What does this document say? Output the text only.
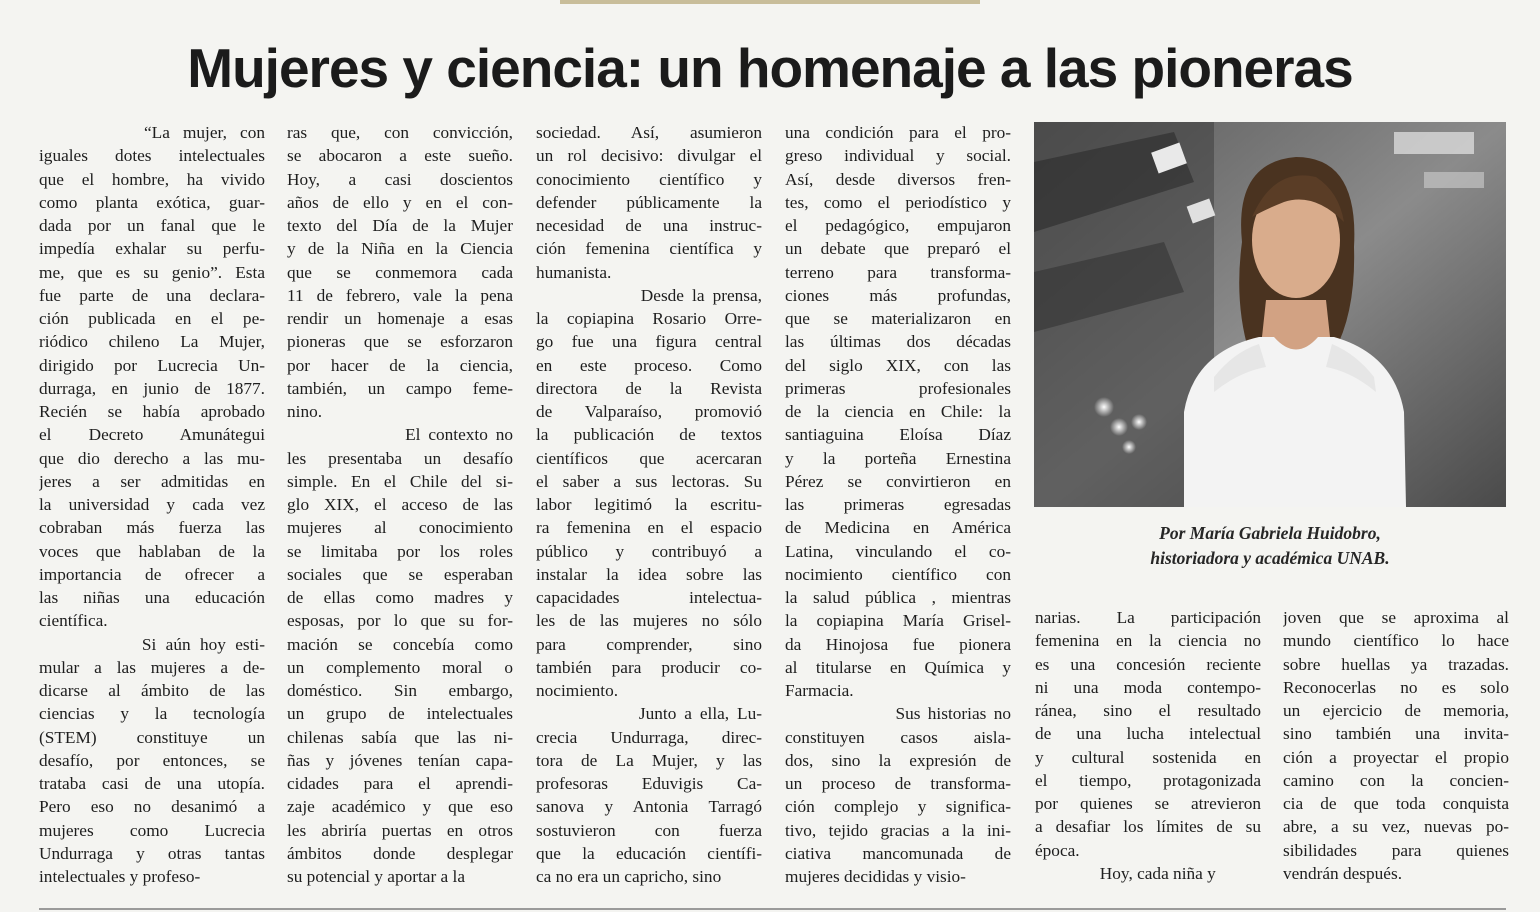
Mujeres y ciencia: un homenaje a las pioneras
“La mujer, con
iguales dotes intelectuales
que el hombre, ha vivido
como planta exótica, guar-
dada por un fanal que le
impedía exhalar su perfu-
me, que es su genio”. Esta
fue parte de una declara-
ción publicada en el pe-
riódico chileno La Mujer,
dirigido por Lucrecia Un-
durraga, en junio de 1877.
Recién se había aprobado
el Decreto Amunátegui
que dio derecho a las mu-
jeres a ser admitidas en
la universidad y cada vez
cobraban más fuerza las
voces que hablaban de la
importancia de ofrecer a
las niñas una educación
científica.
Si aún hoy esti-
mular a las mujeres a de-
dicarse al ámbito de las
ciencias y la tecnología
(STEM) constituye un
desafío, por entonces, se
trataba casi de una utopía.
Pero eso no desanimó a
mujeres como Lucrecia
Undurraga y otras tantas
intelectuales y profeso-
ras que, con convicción,
se abocaron a este sueño.
Hoy, a casi doscientos
años de ello y en el con-
texto del Día de la Mujer
y de la Niña en la Ciencia
que se conmemora cada
11 de febrero, vale la pena
rendir un homenaje a esas
pioneras que se esforzaron
por hacer de la ciencia,
también, un campo feme-
nino.
El contexto no
les presentaba un desafío
simple. En el Chile del si-
glo XIX, el acceso de las
mujeres al conocimiento
se limitaba por los roles
sociales que se esperaban
de ellas como madres y
esposas, por lo que su for-
mación se concebía como
un complemento moral o
doméstico. Sin embargo,
un grupo de intelectuales
chilenas sabía que las ni-
ñas y jóvenes tenían capa-
cidades para el aprendi-
zaje académico y que eso
les abriría puertas en otros
ámbitos donde desplegar
su potencial y aportar a la
sociedad. Así, asumieron
un rol decisivo: divulgar el
conocimiento científico y
defender públicamente la
necesidad de una instruc-
ción femenina científica y
humanista.
Desde la prensa,
la copiapina Rosario Orre-
go fue una figura central
en este proceso. Como
directora de la Revista
de Valparaíso, promovió
la publicación de textos
científicos que acercaran
el saber a sus lectoras. Su
labor legitimó la escritu-
ra femenina en el espacio
público y contribuyó a
instalar la idea sobre las
capacidades intelectua-
les de las mujeres no sólo
para comprender, sino
también para producir co-
nocimiento.
Junto a ella, Lu-
crecia Undurraga, direc-
tora de La Mujer, y las
profesoras Eduvigis Ca-
sanova y Antonia Tarragó
sostuvieron con fuerza
que la educación científi-
ca no era un capricho, sino
una condición para el pro-
greso individual y social.
Así, desde diversos fren-
tes, como el periodístico y
el pedagógico, empujaron
un debate que preparó el
terreno para transforma-
ciones más profundas,
que se materializaron en
las últimas dos décadas
del siglo XIX, con las
primeras profesionales
de la ciencia en Chile: la
santiaguina Eloísa Díaz
y la porteña Ernestina
Pérez se convirtieron en
las primeras egresadas
de Medicina en América
Latina, vinculando el co-
nocimiento científico con
la salud pública , mientras
la copiapina María Grisel-
da Hinojosa fue pionera
al titularse en Química y
Farmacia.
Sus historias no
constituyen casos aisla-
dos, sino la expresión de
un proceso de transforma-
ción complejo y significa-
tivo, tejido gracias a la ini-
ciativa mancomunada de
mujeres decididas y visio-
Por María Gabriela Huidobro,
historiadora y académica UNAB.
narias. La participación
femenina en la ciencia no
es una concesión reciente
ni una moda contempo-
ránea, sino el resultado
de una lucha intelectual
y cultural sostenida en
el tiempo, protagonizada
por quienes se atrevieron
a desafiar los límites de su
época.
Hoy, cada niña y
joven que se aproxima al
mundo científico lo hace
sobre huellas ya trazadas.
Reconocerlas no es solo
un ejercicio de memoria,
sino también una invita-
ción a proyectar el propio
camino con la concien-
cia de que toda conquista
abre, a su vez, nuevas po-
sibilidades para quienes
vendrán después.
